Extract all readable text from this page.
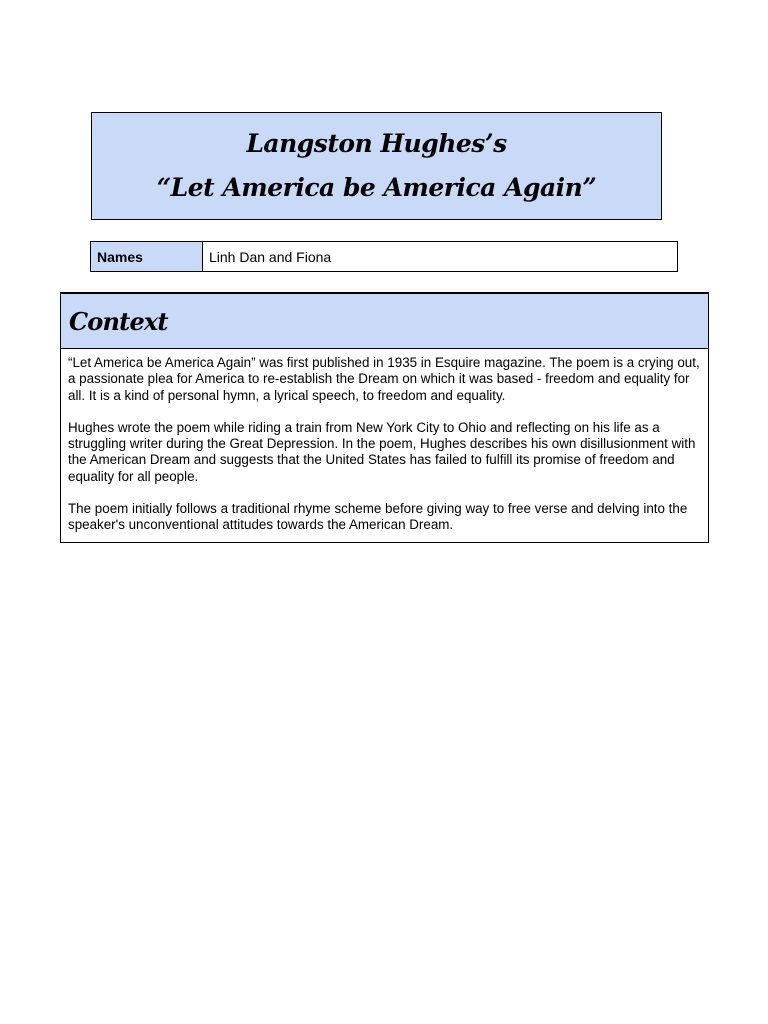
Langston Hughes’s
“Let America be America Again”
Names	Linh Dan and Fiona
Context

“Let America be America Again” was first published in 1935 in Esquire magazine. The poem is a crying out, a passionate plea for America to re-establish the Dream on which it was based - freedom and equality for all. It is a kind of personal hymn, a lyrical speech, to freedom and equality.

Hughes wrote the poem while riding a train from New York City to Ohio and reflecting on his life as a struggling writer during the Great Depression. In the poem, Hughes describes his own disillusionment with the American Dream and suggests that the United States has failed to fulfill its promise of freedom and equality for all people.

The poem initially follows a traditional rhyme scheme before giving way to free verse and delving into the speaker's unconventional attitudes towards the American Dream.
